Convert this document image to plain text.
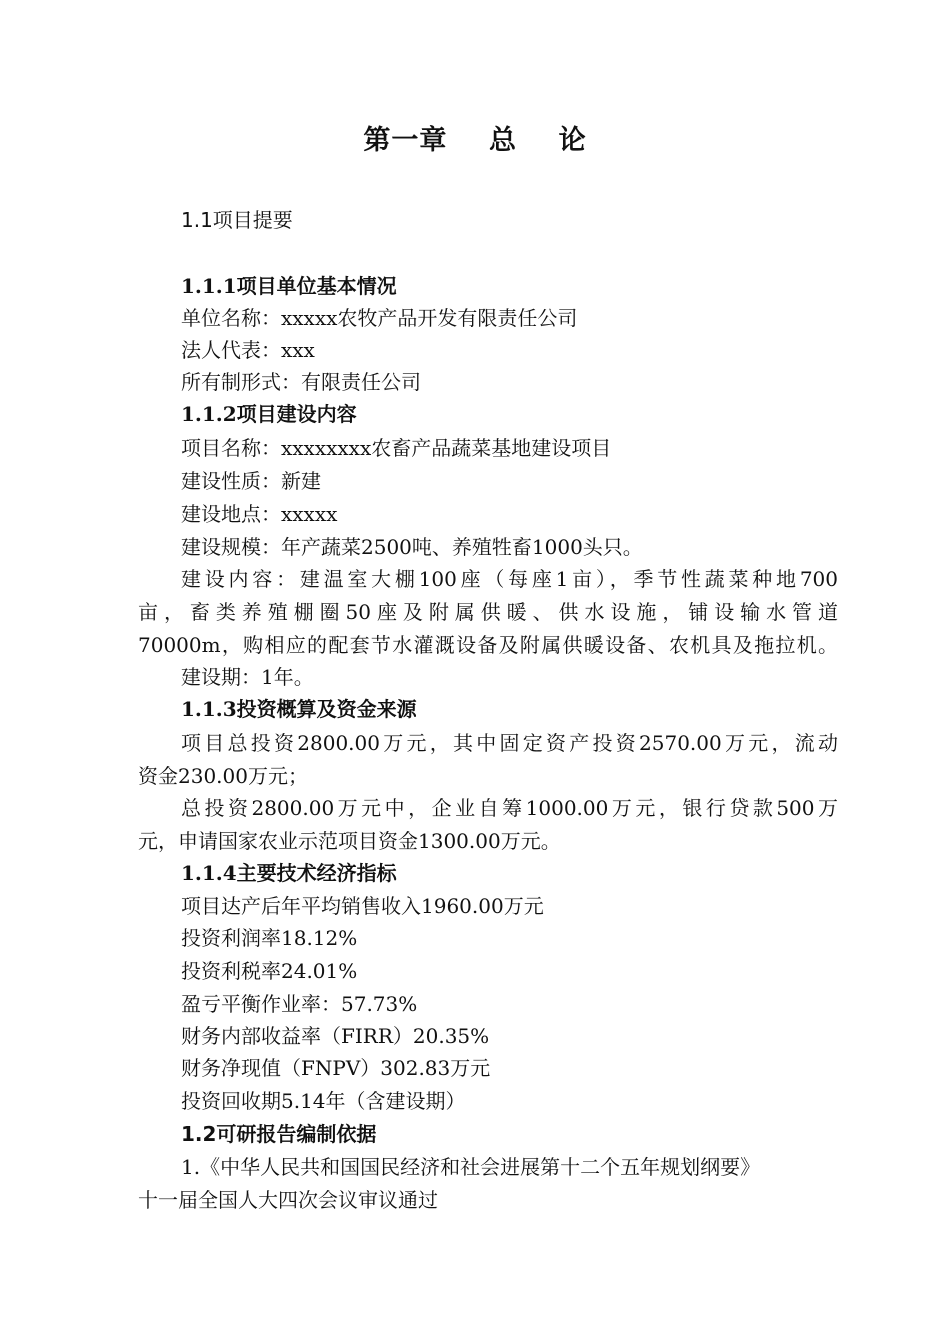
第一章    总    论
1.1项目提要
1.1.1项目单位基本情况
单位名称：xxxxx农牧产品开发有限责任公司
法人代表：xxx
所有制形式：有限责任公司
1.1.2项目建设内容
项目名称：xxxxxxxx农畜产品蔬菜基地建设项目
建设性质：新建
建设地点：xxxxx
建设规模：年产蔬菜2500吨、养殖牲畜1000头只。
建设内容：建温室大棚100座（每座1亩），季节性蔬菜种地700
亩，畜类养殖棚圈50座及附属供暖、供水设施，铺设输水管道
70000m，购相应的配套节水灌溉设备及附属供暖设备、农机具及拖拉机。
建设期：1年。
1.1.3投资概算及资金来源
项目总投资2800.00万元，其中固定资产投资2570.00万元，流动
资金230.00万元；
总投资2800.00万元中，企业自筹1000.00万元，银行贷款500万
元，申请国家农业示范项目资金1300.00万元。
1.1.4主要技术经济指标
项目达产后年平均销售收入1960.00万元
投资利润率18.12%
投资利税率24.01%
盈亏平衡作业率：57.73%
财务内部收益率（FIRR）20.35%
财务净现值（FNPV）302.83万元
投资回收期5.14年（含建设期）
1.2可研报告编制依据
1.《中华人民共和国国民经济和社会进展第十二个五年规划纲要》
十一届全国人大四次会议审议通过
